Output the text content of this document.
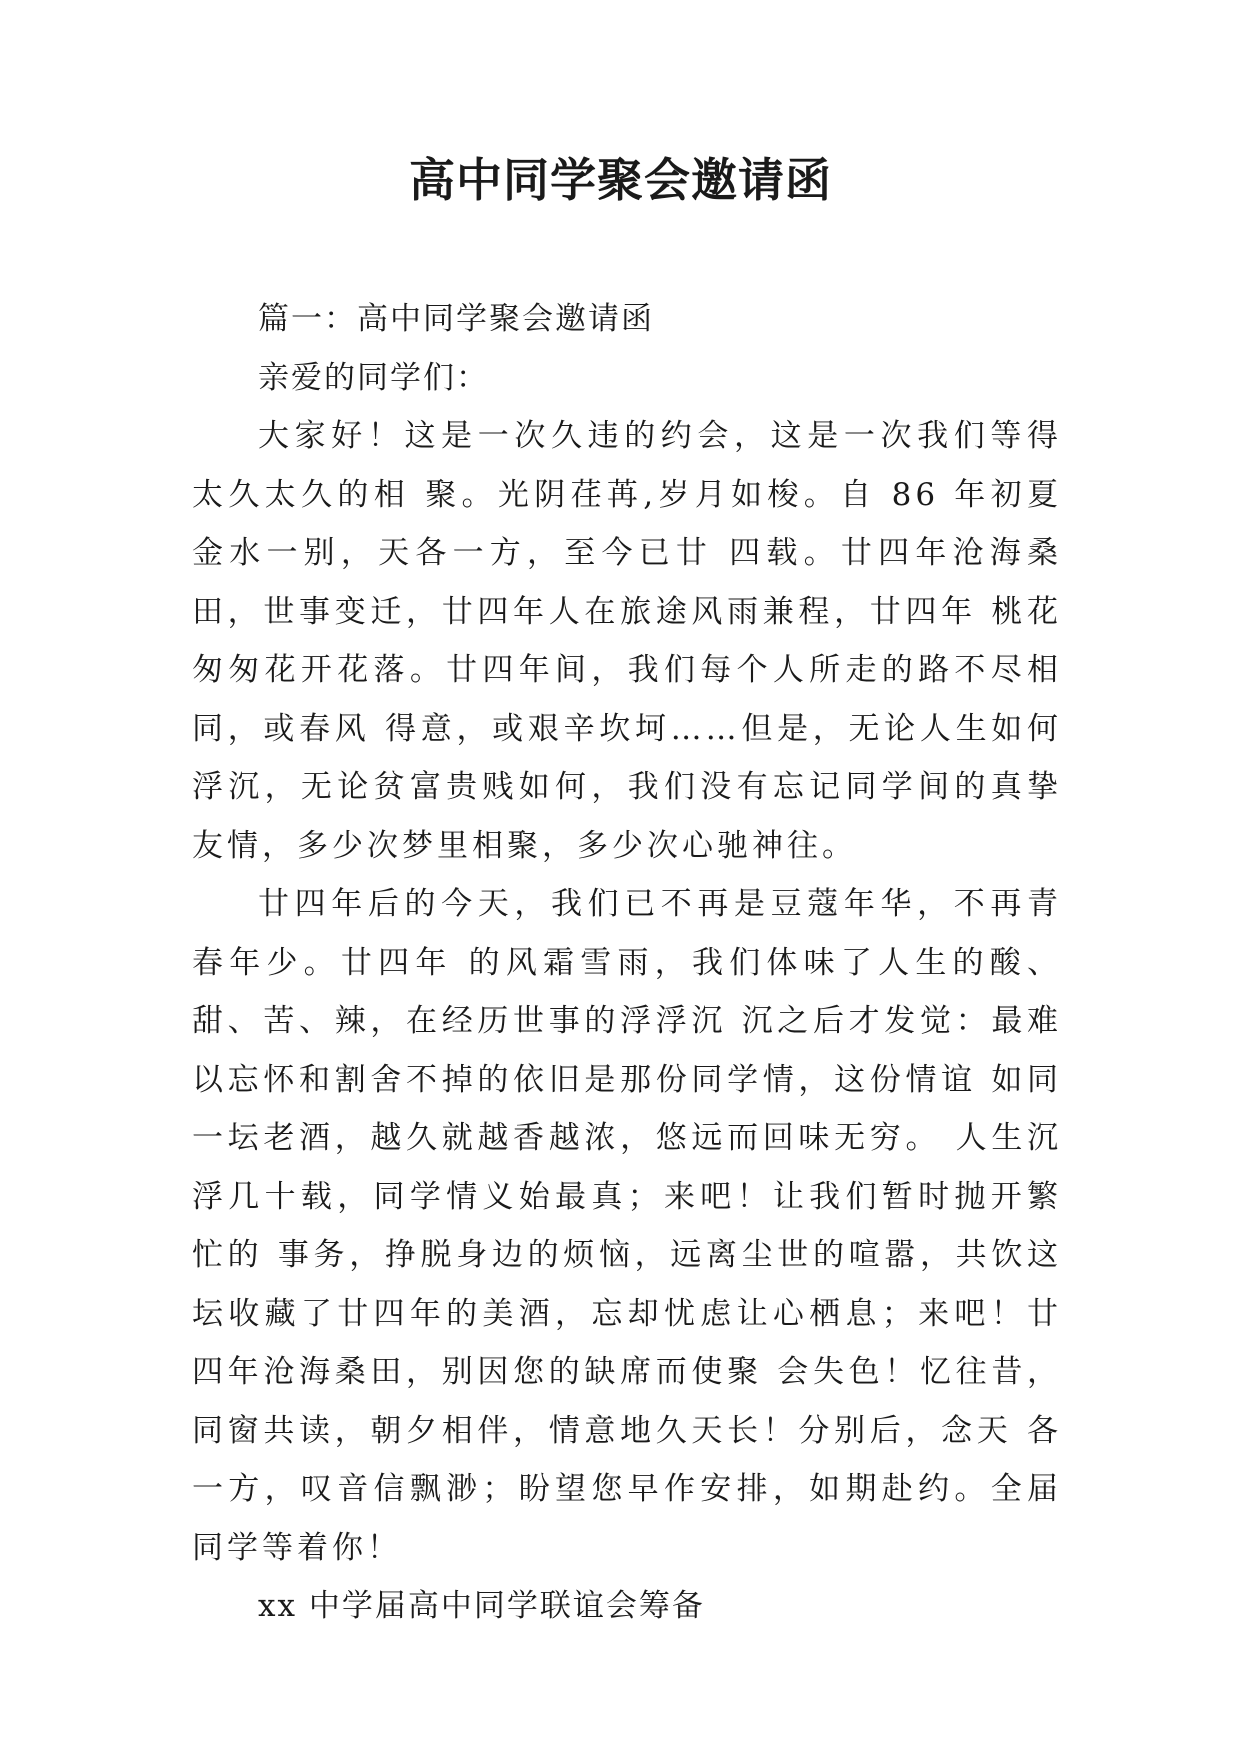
高中同学聚会邀请函

篇一：高中同学聚会邀请函

亲爱的同学们：

大家好！这是一次久违的约会，这是一次我们等得太久太久的相 聚。光阴荏苒,岁月如梭。自 86 年初夏金水一别，天各一方，至今已廿 四载。廿四年沧海桑田，世事变迁，廿四年人在旅途风雨兼程，廿四年 桃花匆匆花开花落。廿四年间，我们每个人所走的路不尽相同，或春风 得意，或艰辛坎坷……但是，无论人生如何浮沉，无论贫富贵贱如何，我们没有忘记同学间的真挚友情，多少次梦里相聚，多少次心驰神往。

廿四年后的今天，我们已不再是豆蔻年华，不再青春年少。廿四年 的风霜雪雨，我们体味了人生的酸、甜、苦、辣，在经历世事的浮浮沉 沉之后才发觉：最难以忘怀和割舍不掉的依旧是那份同学情，这份情谊 如同一坛老酒，越久就越香越浓，悠远而回味无穷。 人生沉浮几十载，同学情义始最真；来吧！让我们暂时抛开繁忙的 事务，挣脱身边的烦恼，远离尘世的喧嚣，共饮这坛收藏了廿四年的美酒，忘却忧虑让心栖息；来吧！廿四年沧海桑田，别因您的缺席而使聚 会失色！忆往昔，同窗共读，朝夕相伴，情意地久天长！分别后，念天 各一方，叹音信飘渺；盼望您早作安排，如期赴约。全届同学等着你！

xx 中学届高中同学联谊会筹备
